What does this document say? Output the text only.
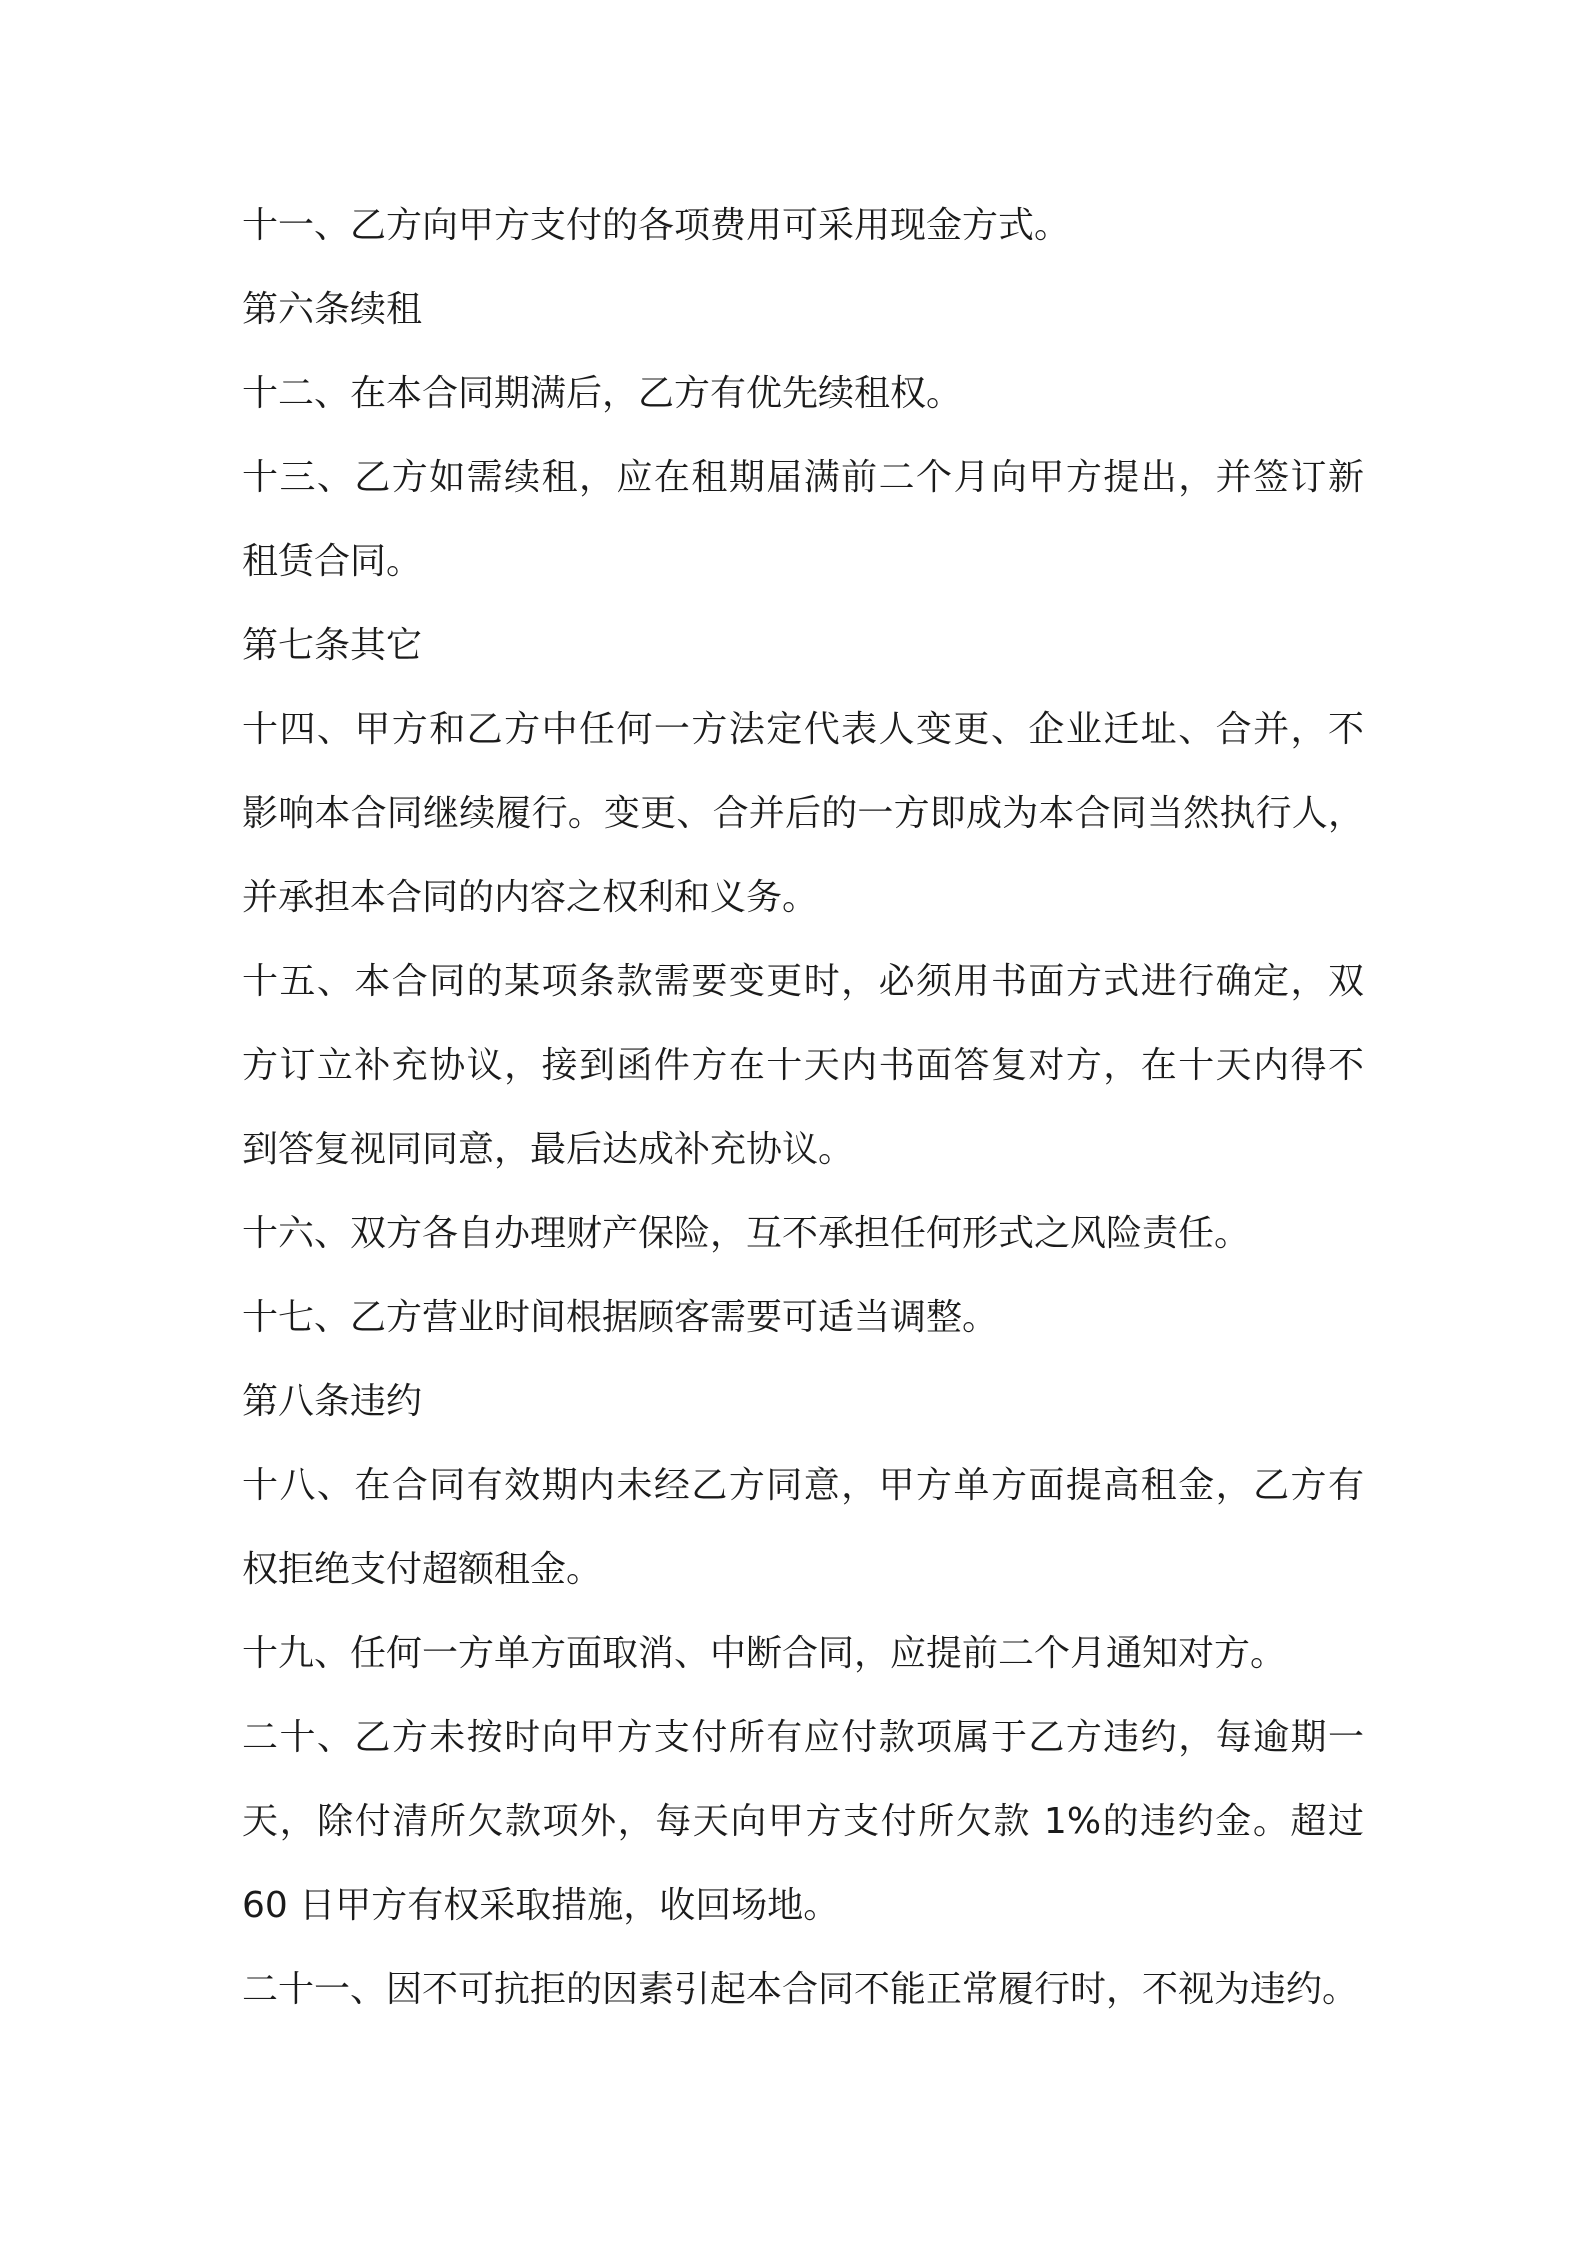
十一、乙方向甲方支付的各项费用可采用现金方式。
第六条续租
十二、在本合同期满后，乙方有优先续租权。
十三、乙方如需续租，应在租期届满前二个月向甲方提出，并签订新
租赁合同。
第七条其它
十四、甲方和乙方中任何一方法定代表人变更、企业迁址、合并，不
影响本合同继续履行。变更、合并后的一方即成为本合同当然执行人，
并承担本合同的内容之权利和义务。
十五、本合同的某项条款需要变更时，必须用书面方式进行确定，双
方订立补充协议，接到函件方在十天内书面答复对方，在十天内得不
到答复视同同意，最后达成补充协议。
十六、双方各自办理财产保险，互不承担任何形式之风险责任。
十七、乙方营业时间根据顾客需要可适当调整。
第八条违约
十八、在合同有效期内未经乙方同意，甲方单方面提高租金，乙方有
权拒绝支付超额租金。
十九、任何一方单方面取消、中断合同，应提前二个月通知对方。
二十、乙方未按时向甲方支付所有应付款项属于乙方违约，每逾期一
天，除付清所欠款项外，每天向甲方支付所欠款 1%的违约金。超过
60 日甲方有权采取措施，收回场地。
二十一、因不可抗拒的因素引起本合同不能正常履行时，不视为违约。
